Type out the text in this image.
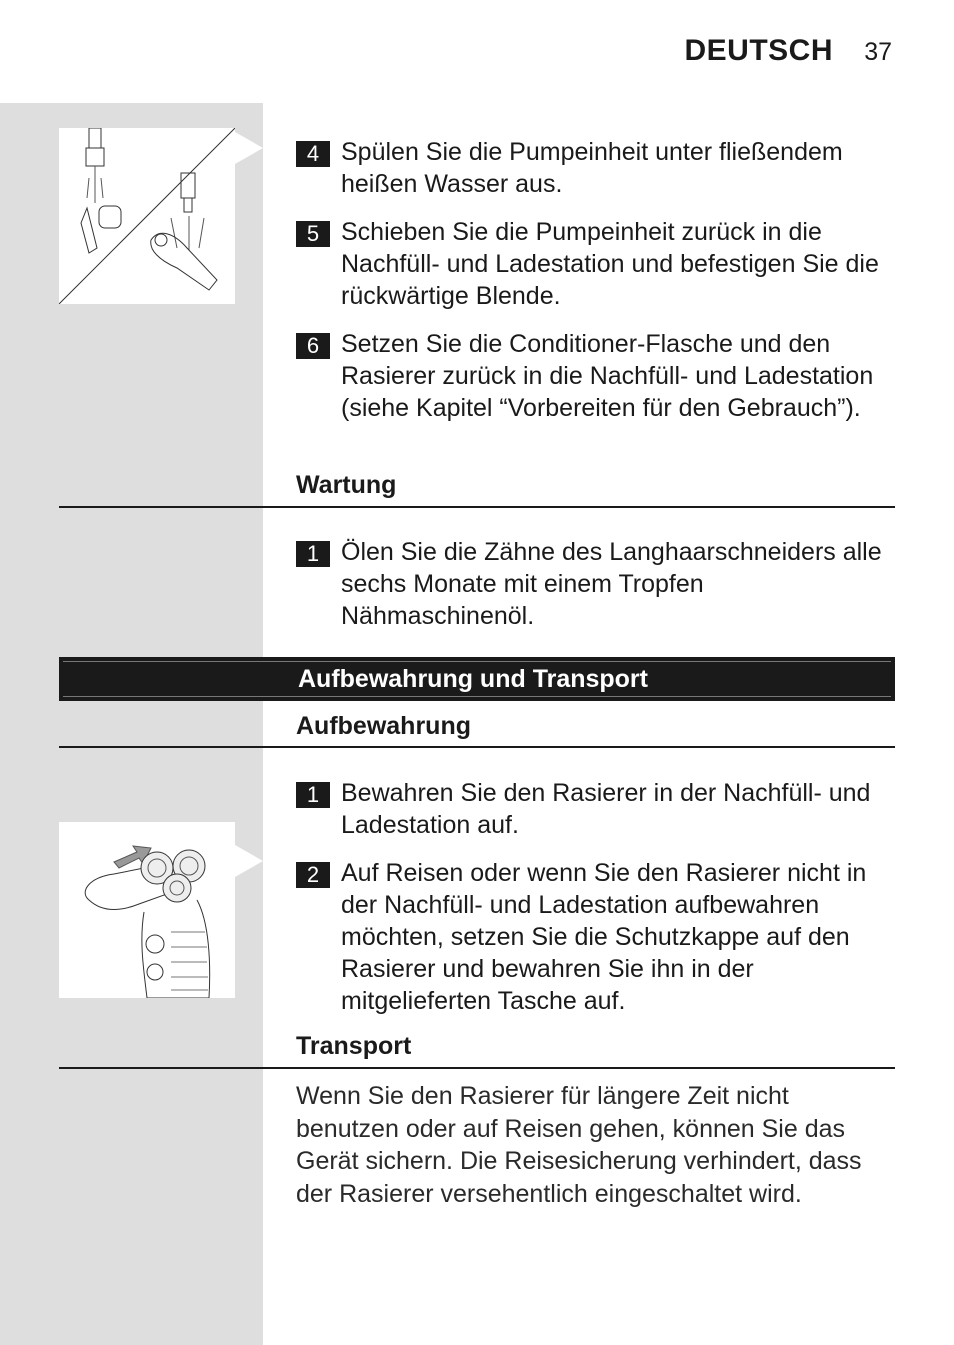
DEUTSCH 37
4 Spülen Sie die Pumpeinheit unter fließendem heißen Wasser aus.
5 Schieben Sie die Pumpeinheit zurück in die Nachfüll- und Ladestation und befestigen Sie die rückwärtige Blende.
6 Setzen Sie die Conditioner-Flasche und den Rasierer zurück in die Nachfüll- und Ladestation (siehe Kapitel “Vorbereiten für den Gebrauch”).
Wartung
1 Ölen Sie die Zähne des Langhaarschneiders alle sechs Monate mit einem Tropfen Nähmaschinenöl.
Aufbewahrung und Transport
Aufbewahrung
1 Bewahren Sie den Rasierer in der Nachfüll- und Ladestation auf.
2 Auf Reisen oder wenn Sie den Rasierer nicht in der Nachfüll- und Ladestation aufbewahren möchten, setzen Sie die Schutzkappe auf den Rasierer und bewahren Sie ihn in der mitgelieferten Tasche auf.
Transport
Wenn Sie den Rasierer für längere Zeit nicht benutzen oder auf Reisen gehen, können Sie das Gerät sichern. Die Reisesicherung verhindert, dass der Rasierer versehentlich eingeschaltet wird.
